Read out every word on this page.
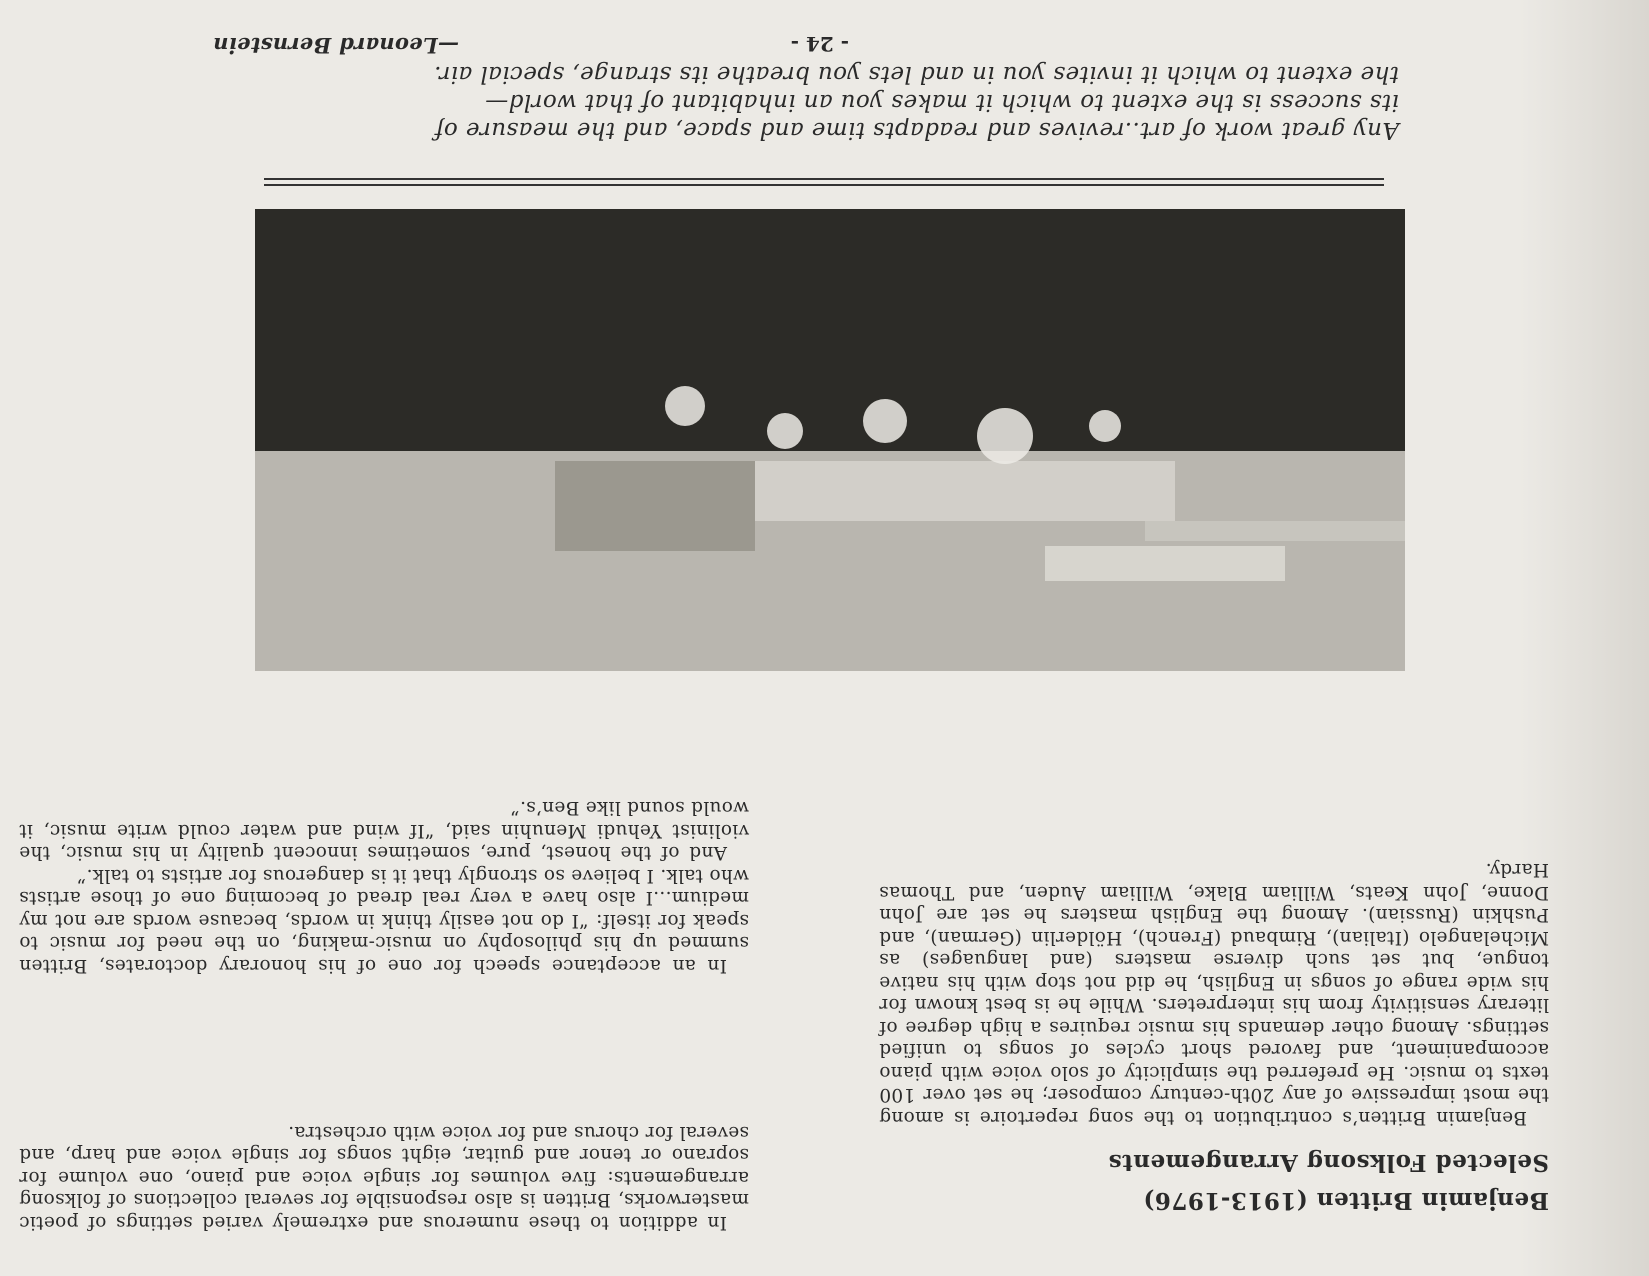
Benjamin Britten (1913-1976)
Selected Folksong Arrangements

Benjamin Britten’s contribution to the song repertoire is among the most impressive of any 20th-century composer; he set over 100 texts to music. He preferred the simplicity of solo voice with piano accompaniment, and favored short cycles of songs to unified settings. Among other demands his music requires a high degree of literary sensitivity from his interpreters. While he is best known for his wide range of songs in English, he did not stop with his native tongue, but set such diverse masters (and languages) as Michelangelo (Italian), Rimbaud (French), Hölderlin (German), and Pushkin (Russian). Among the English masters he set are John Donne, John Keats, William Blake, William Auden, and Thomas Hardy.

In addition to these numerous and extremely varied settings of poetic masterworks, Britten is also responsible for several collections of folksong arrangements: five volumes for single voice and piano, one volume for soprano or tenor and guitar, eight songs for single voice and harp, and several for chorus and for voice with orchestra.

In an acceptance speech for one of his honorary doctorates, Britten summed up his philosophy on music-making, on the need for music to speak for itself: “I do not easily think in words, because words are not my medium...I also have a very real dread of becoming one of those artists who talk. I believe so strongly that it is dangerous for artists to talk.”

And of the honest, pure, sometimes innocent quality in his music, the violinist Yehudi Menuhin said, “If wind and water could write music, it would sound like Ben’s.”

Any great work of art..revives and readapts time and space, and the measure of

its success is the extent to which it makes you an inhabitant of that world—

the extent to which it invites you in and lets you breathe its strange, special air.

- 24 -
—Leonard Bernstein
